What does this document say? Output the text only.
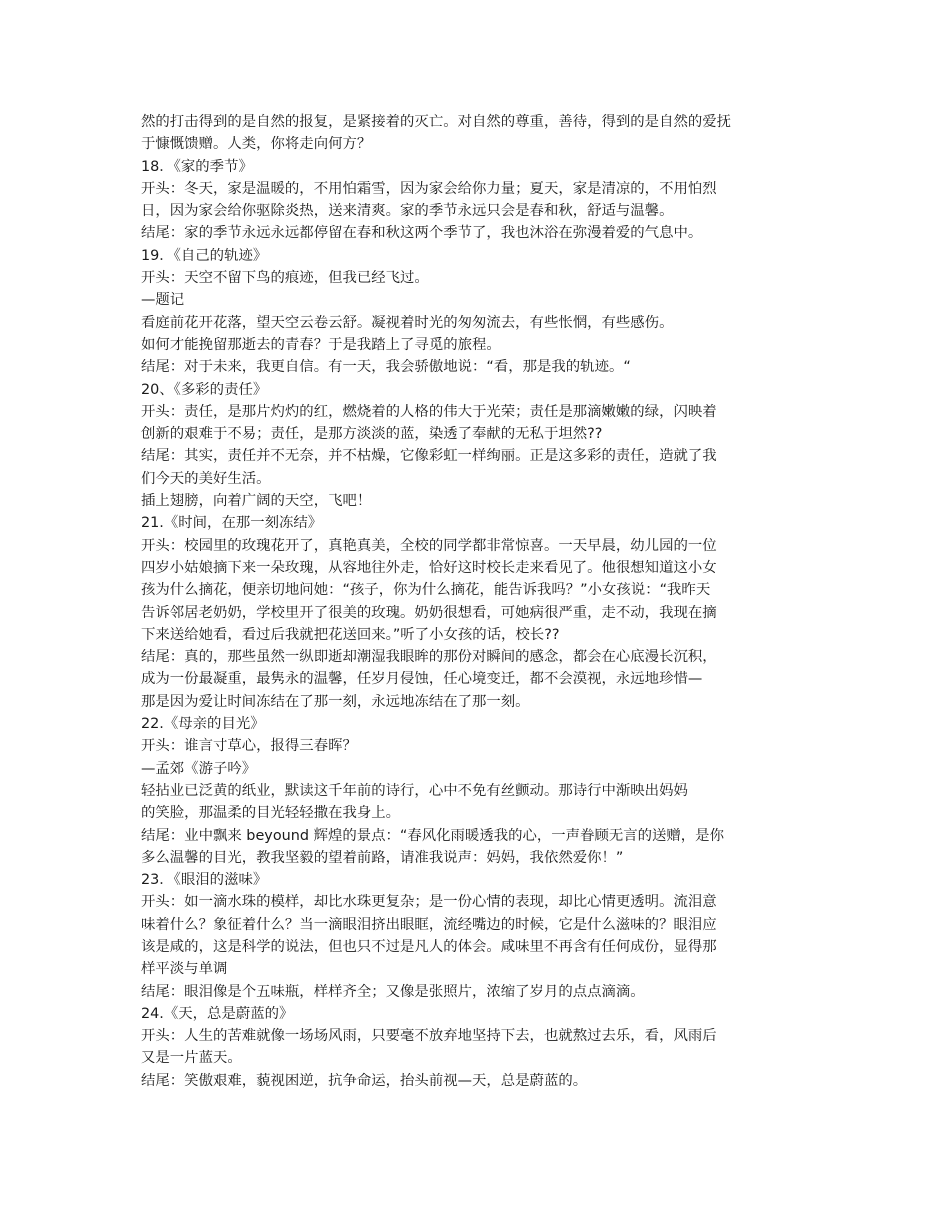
然的打击得到的是自然的报复，是紧接着的灭亡。对自然的尊重，善待，得到的是自然的爱抚
于慷慨馈赠。人类，你将走向何方？
18．《家的季节》
开头：冬天，家是温暖的，不用怕霜雪，因为家会给你力量；夏天，家是清凉的，不用怕烈
日，因为家会给你驱除炎热，送来清爽。家的季节永远只会是春和秋，舒适与温馨。
结尾：家的季节永远永远都停留在春和秋这两个季节了，我也沐浴在弥漫着爱的气息中。
19．《自己的轨迹》
开头：天空不留下鸟的痕迹，但我已经飞过。
—题记
看庭前花开花落，望天空云卷云舒。凝视着时光的匆匆流去，有些怅惘，有些感伤。
如何才能挽留那逝去的青春？于是我踏上了寻觅的旅程。
结尾：对于未来，我更自信。有一天，我会骄傲地说：“看，那是我的轨迹。“
20、《多彩的责任》
开头：责任，是那片灼灼的红，燃烧着的人格的伟大于光荣；责任是那滴嫩嫩的绿，闪映着
创新的艰难于不易；责任，是那方淡淡的蓝，染透了奉献的无私于坦然??
结尾：其实，责任并不无奈，并不枯燥，它像彩虹一样绚丽。正是这多彩的责任，造就了我
们今天的美好生活。
插上翅膀，向着广阔的天空，飞吧！
21.《时间，在那一刻冻结》
开头：校园里的玫瑰花开了，真艳真美，全校的同学都非常惊喜。一天早晨，幼儿园的一位
四岁小姑娘摘下来一朵玫瑰，从容地往外走，恰好这时校长走来看见了。他很想知道这小女
孩为什么摘花，便亲切地问她：“孩子，你为什么摘花，能告诉我吗？”小女孩说：“我昨天
告诉邻居老奶奶，学校里开了很美的玫瑰。奶奶很想看，可她病很严重，走不动，我现在摘
下来送给她看，看过后我就把花送回来。”听了小女孩的话，校长??
结尾：真的，那些虽然一纵即逝却潮湿我眼眸的那份对瞬间的感念，都会在心底漫长沉积，
成为一份最凝重，最隽永的温馨，任岁月侵蚀，任心境变迁，都不会漠视，永远地珍惜—
那是因为爱让时间冻结在了那一刻，永远地冻结在了那一刻。
22.《母亲的目光》
开头：谁言寸草心，报得三春晖？
—孟郊《游子吟》
轻拈业已泛黄的纸业，默读这千年前的诗行，心中不免有丝颤动。那诗行中渐映出妈妈
的笑脸，那温柔的目光轻轻撒在我身上。
结尾：业中飘来 beyound 辉煌的景点：“春风化雨暖透我的心，一声眷顾无言的送赠，是你
多么温馨的目光，教我坚毅的望着前路，请准我说声：妈妈，我依然爱你！”
23．《眼泪的滋味》
开头：如一滴水珠的模样，却比水珠更复杂；是一份心情的表现，却比心情更透明。流泪意
味着什么？象征着什么？当一滴眼泪挤出眼眶，流经嘴边的时候，它是什么滋味的？眼泪应
该是咸的，这是科学的说法，但也只不过是凡人的体会。咸味里不再含有任何成份，显得那
样平淡与单调
结尾：眼泪像是个五味瓶，样样齐全；又像是张照片，浓缩了岁月的点点滴滴。
24.《天，总是蔚蓝的》
开头：人生的苦难就像一场场风雨，只要毫不放弃地坚持下去，也就熬过去乐，看，风雨后
又是一片蓝天。
结尾：笑傲艰难，藐视困逆，抗争命运，抬头前视—天，总是蔚蓝的。
